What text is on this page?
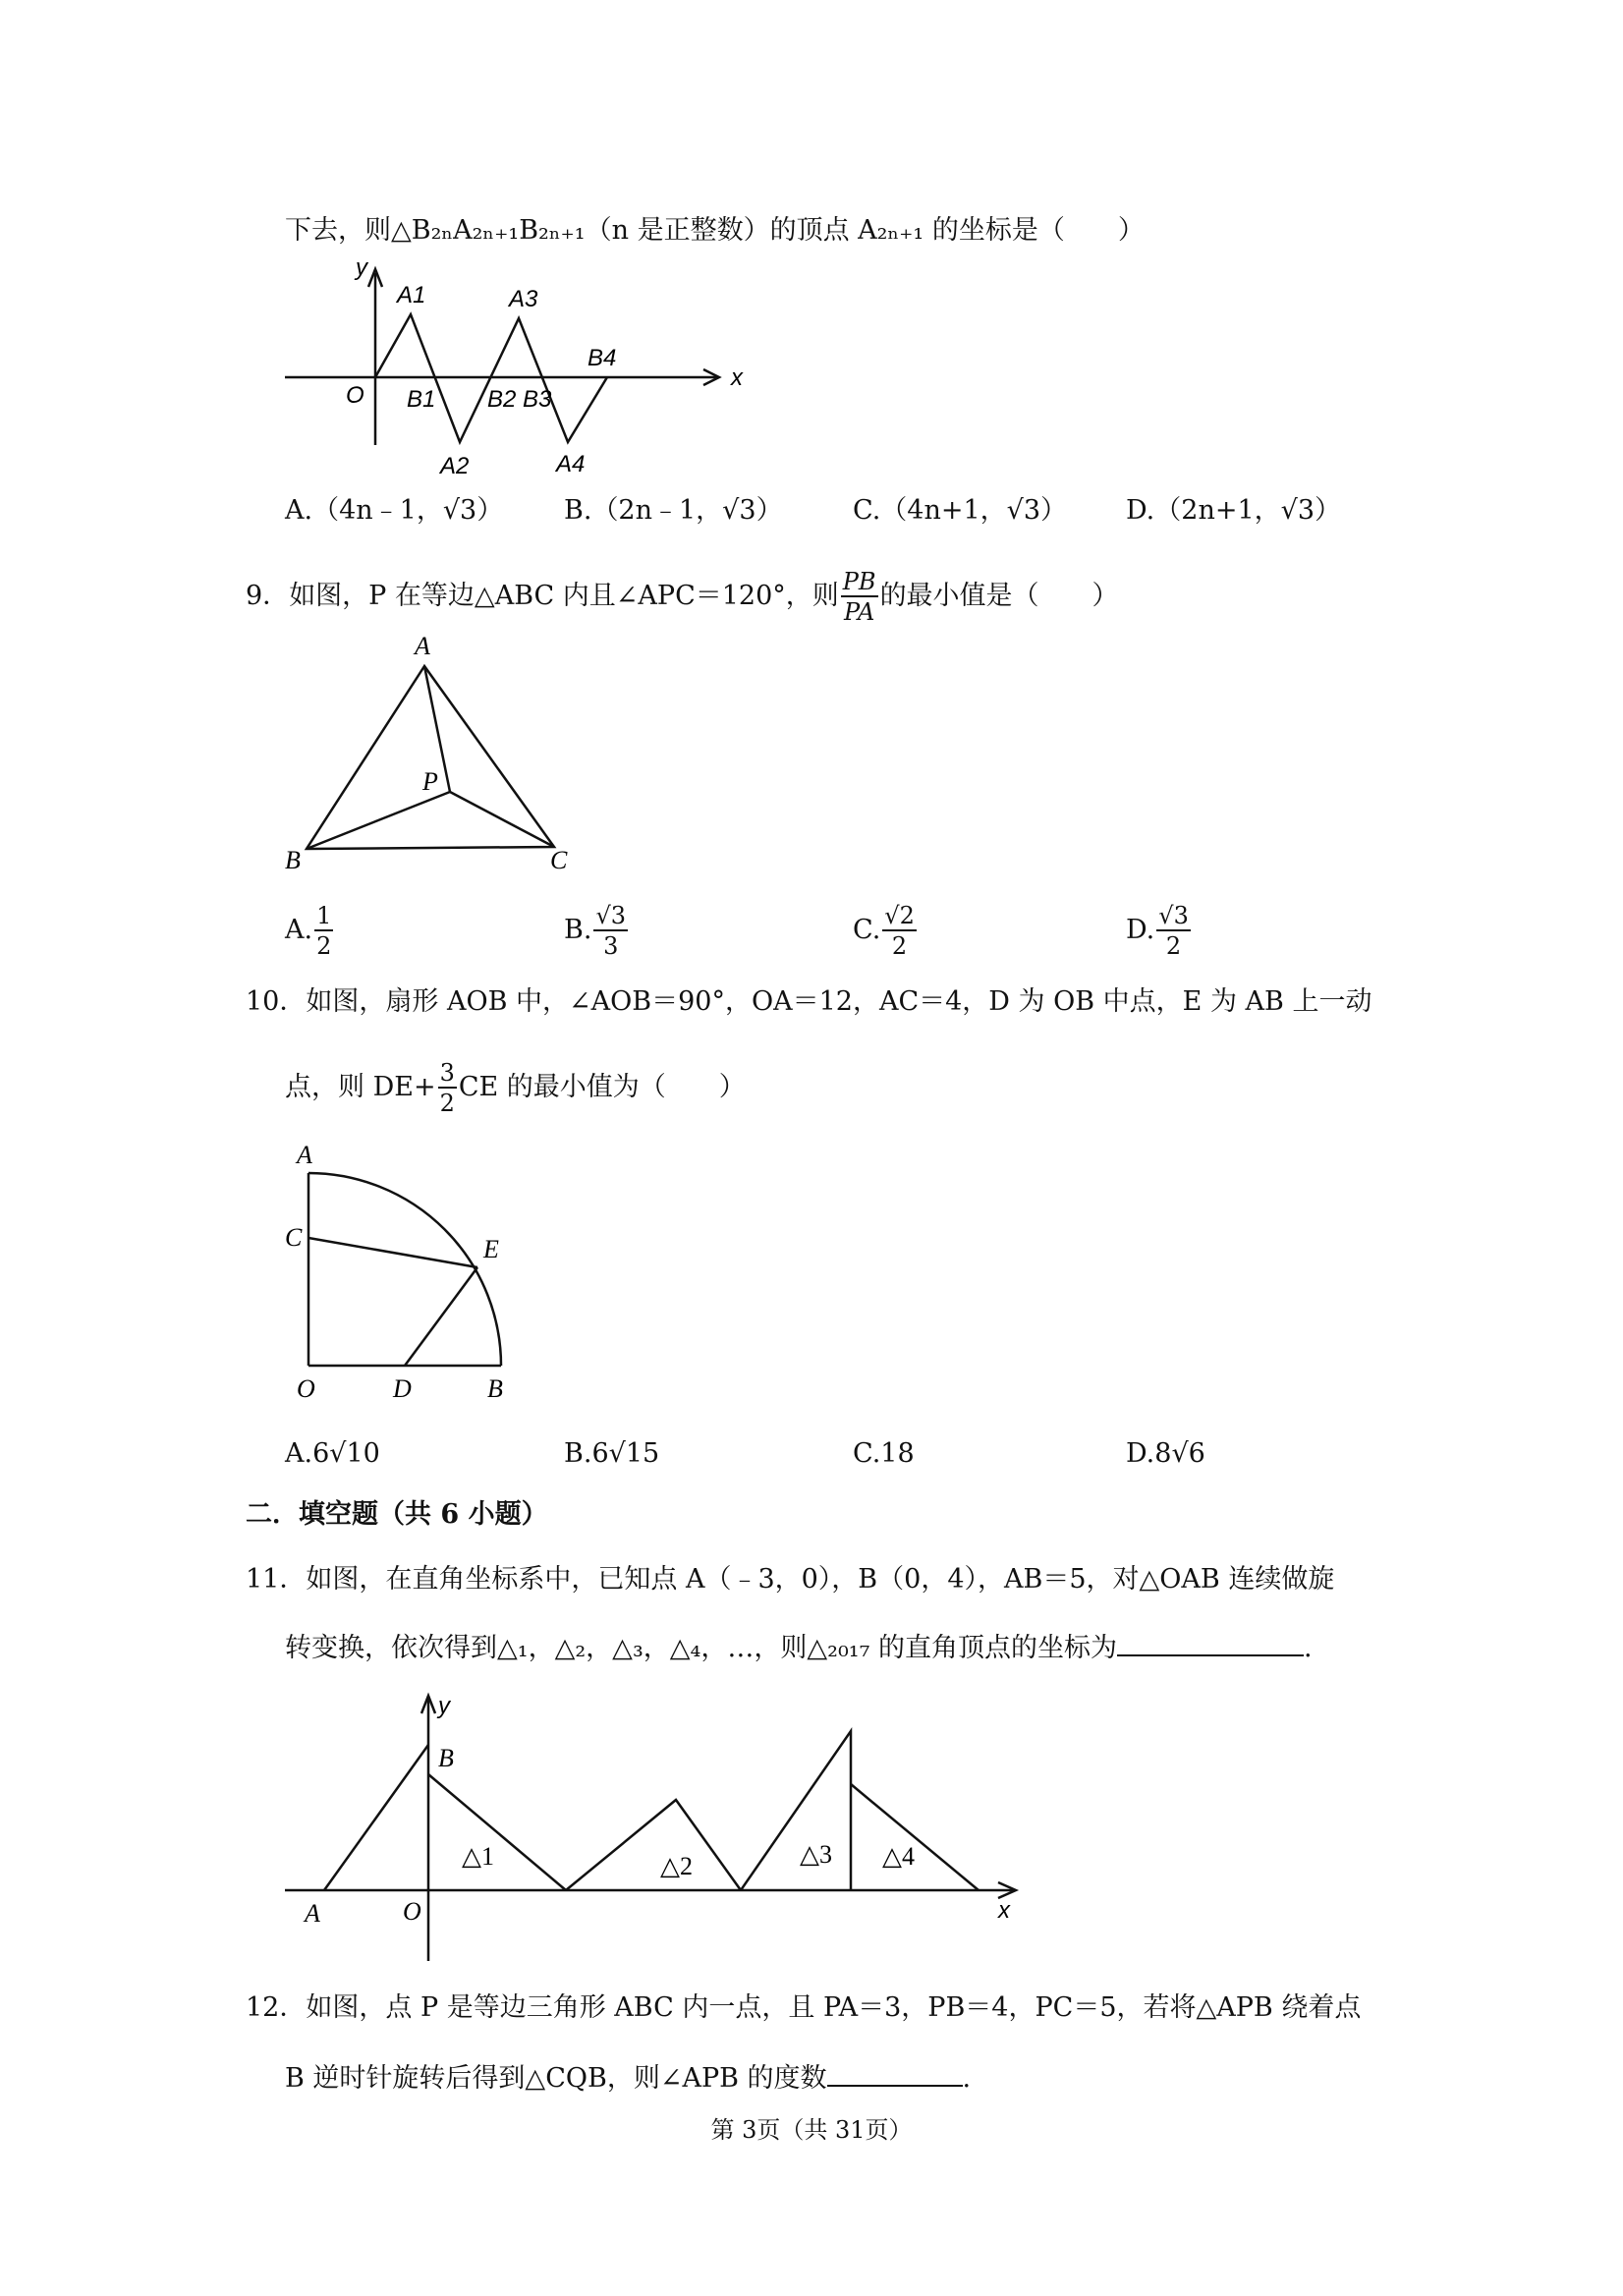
下去，则△B₂ₙA₂ₙ₊₁B₂ₙ₊₁（n 是正整数）的顶点 A₂ₙ₊₁ 的坐标是（　　）
y
A1	A3
B4
x
O B1 B2 B3
A2	A4
A.（4n﹣1，√3） B.（2n﹣1，√3）	C.（4n+1，√3） D.（2n+1，√3）
9．如图，P 在等边△ABC 内且∠APC＝120°，则 $\frac{PB}{PA}$ 的最小值是（　　）
A
P
B	C
A. $\frac{1}{2}$	B. $\frac{√3}{3}$	C. $\frac{√2}{2}$	D. $\frac{√3}{2}$
10．如图，扇形 AOB 中，∠AOB＝90°，OA＝12，AC＝4，D 为 OB 中点，E 为 AB 上一动
点，则 $DE+ \frac{3}{2}$ CE 的最小值为（　　）
A
C	E
O	D	B
A.6√10	B.6√15	C.18	D.8√6
二．填空题（共 6 小题）
11．如图，在直角坐标系中，已知点 A（﹣3，0），B（0，4），AB＝5，对△OAB 连续做旋
转变换，依次得到△₁，△₂，△₃，△₄，…，则△₂₀₁₇ 的直角顶点的坐标为	.
y
B
△1	△2	△3 △4
A	O	x
12．如图，点 P 是等边三角形 ABC 内一点，且 PA＝3，PB＝4，PC＝5，若将△APB 绕着点
B 逆时针旋转后得到△CQB，则∠APB 的度数	.
第 3页（共 31页）
